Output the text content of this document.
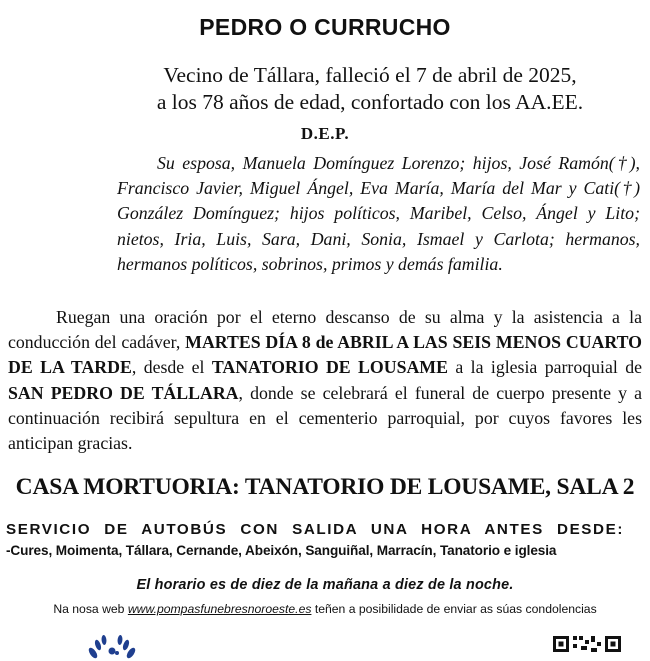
PEDRO O CURRUCHO
Vecino de Tállara, falleció el 7 de abril de 2025,
a los 78 años de edad, confortado con los AA.EE.
D.E.P.
Su esposa, Manuela Domínguez Lorenzo; hijos, José Ramón(†), Francisco Javier, Miguel Ángel, Eva María, María del Mar y Cati(†) González Domínguez; hijos políticos, Maribel, Celso, Ángel y Lito; nietos, Iria, Luis, Sara, Dani, Sonia, Ismael y Carlota; hermanos, hermanos políticos, sobrinos, primos y demás familia.
Ruegan una oración por el eterno descanso de su alma y la asistencia a la conducción del cadáver, MARTES DÍA 8 de ABRIL A LAS SEIS MENOS CUARTO DE LA TARDE, desde el TANATORIO DE LOUSAME a la iglesia parroquial de SAN PEDRO DE TÁLLARA, donde se celebrará el funeral de cuerpo presente y a continuación recibirá sepultura en el cementerio parroquial, por cuyos favores les anticipan gracias.
CASA MORTUORIA: TANATORIO DE LOUSAME, SALA 2
SERVICIO DE AUTOBÚS CON SALIDA UNA HORA ANTES DESDE:
-Cures, Moimenta, Tállara, Cernande, Abeixón, Sanguiñal, Marracín, Tanatorio e iglesia
El horario es de diez de la mañana a diez de la noche.
Na nosa web www.pompasfunebresnoroeste.es teñen a posibilidade de enviar as súas condolencias
